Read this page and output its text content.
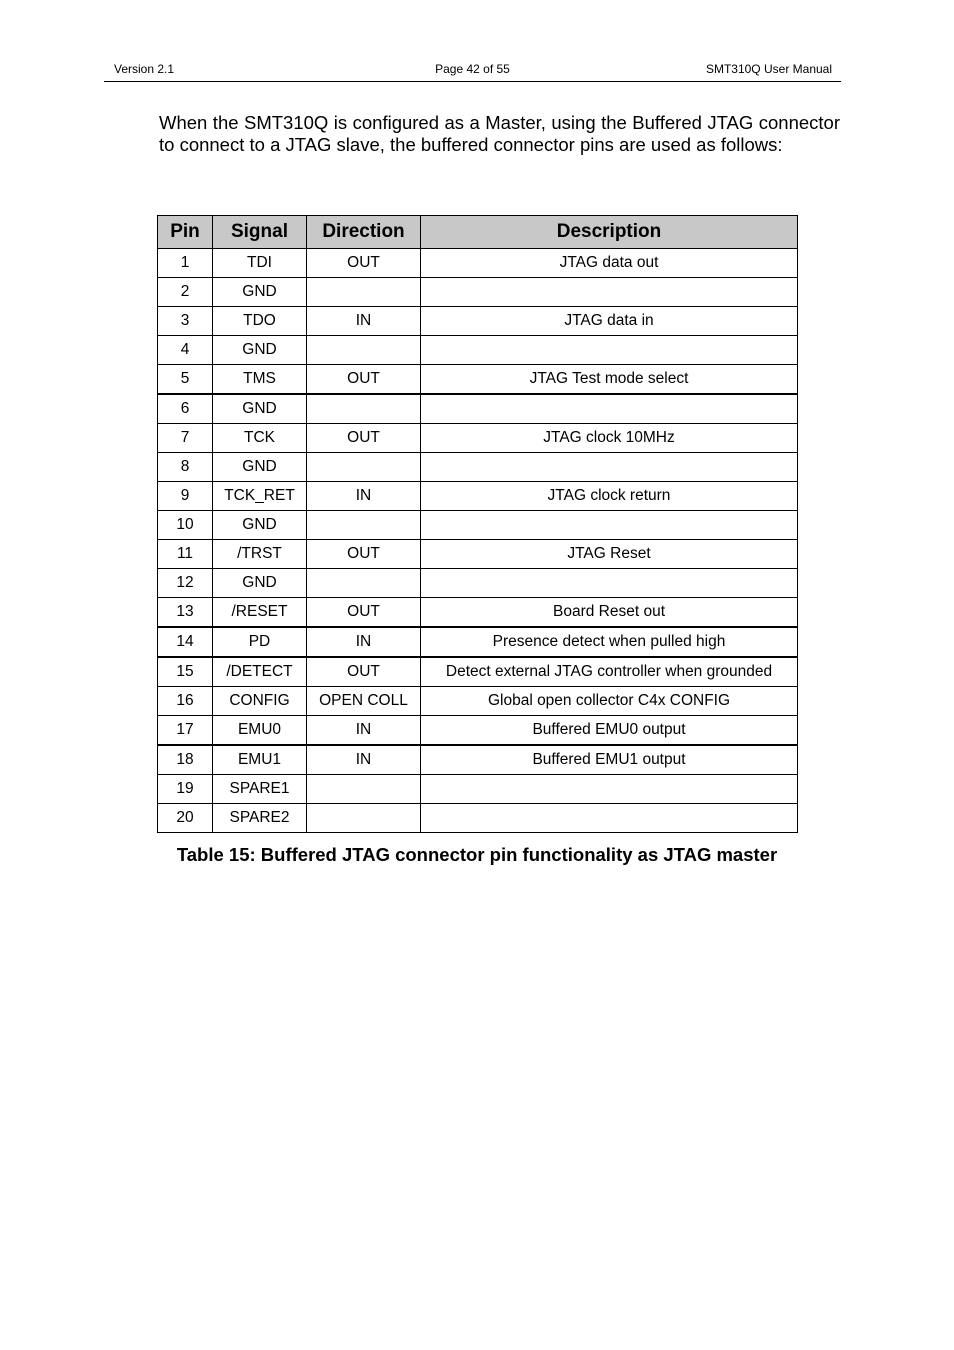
Version 2.1	Page 42 of 55	SMT310Q User Manual

When the SMT310Q is configured as a Master, using the Buffered JTAG connector to connect to a JTAG slave, the buffered connector pins are used as follows:

Pin	Signal	Direction	Description
1	TDI	OUT	JTAG data out
2	GND		
3	TDO	IN	JTAG data in
4	GND		
5	TMS	OUT	JTAG Test mode select
6	GND		
7	TCK	OUT	JTAG clock 10MHz
8	GND		
9	TCK_RET	IN	JTAG clock return
10	GND		
11	/TRST	OUT	JTAG Reset
12	GND		
13	/RESET	OUT	Board Reset out
14	PD	IN	Presence detect when pulled high
15	/DETECT	OUT	Detect external JTAG controller when grounded
16	CONFIG	OPEN COLL	Global open collector C4x CONFIG
17	EMU0	IN	Buffered EMU0 output
18	EMU1	IN	Buffered EMU1 output
19	SPARE1		
20	SPARE2		
Table 15: Buffered JTAG connector pin functionality as JTAG master
